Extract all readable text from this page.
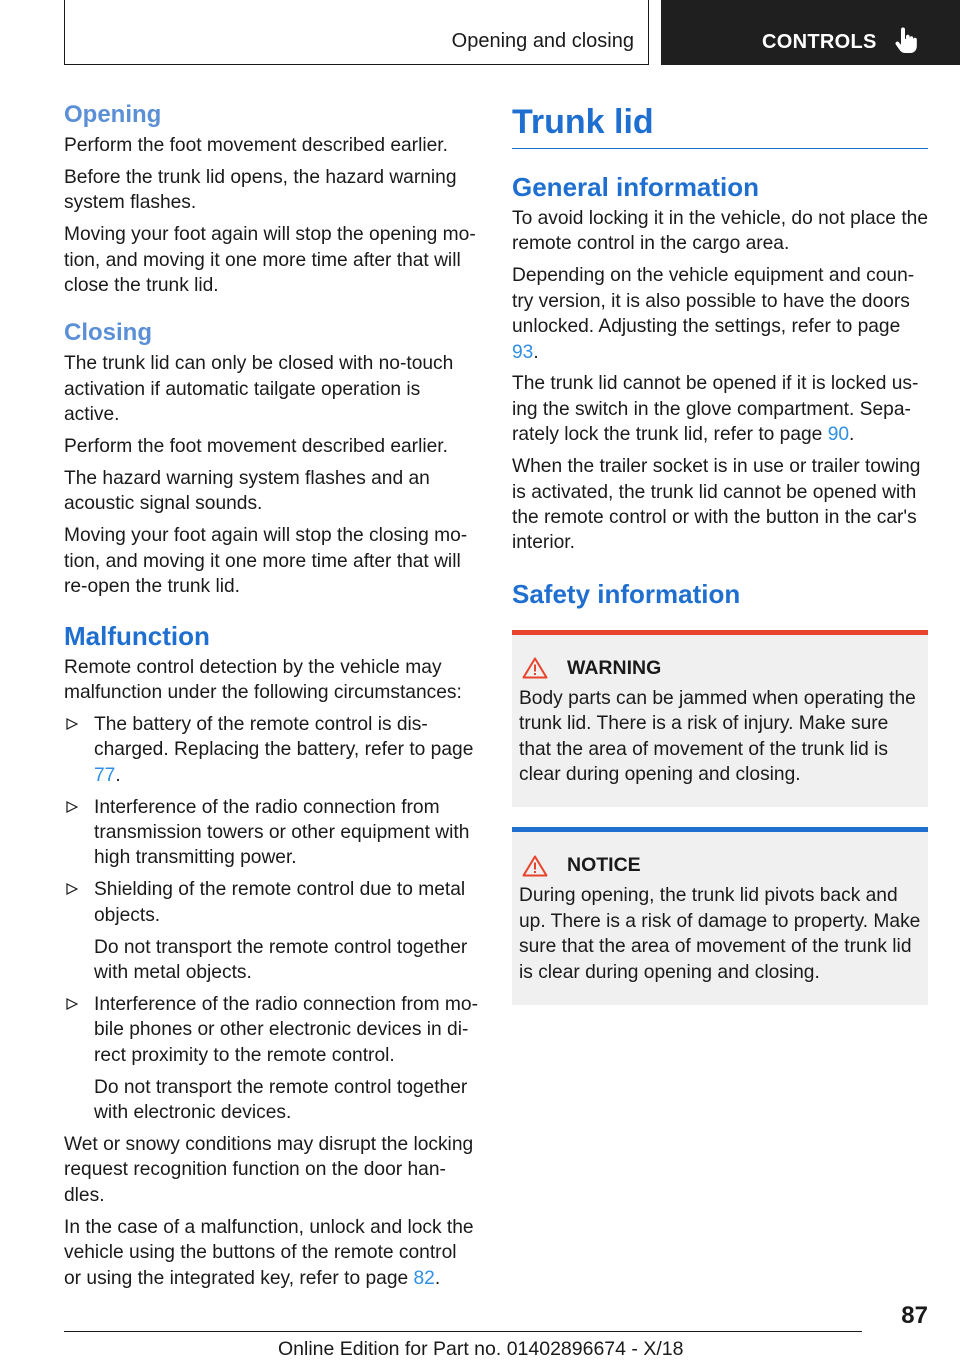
Opening and closing	CONTROLS
Opening

Perform the foot movement described earlier.

Before the trunk lid opens, the hazard warning system flashes.

Moving your foot again will stop the opening motion, and moving it one more time after that will close the trunk lid.

Closing

The trunk lid can only be closed with no-touch activation if automatic tailgate operation is active.

Perform the foot movement described earlier.

The hazard warning system flashes and an acoustic signal sounds.

Moving your foot again will stop the closing motion, and moving it one more time after that will re-open the trunk lid.

Malfunction

Remote control detection by the vehicle may malfunction under the following circumstances:

The battery of the remote control is discharged. Replacing the battery, refer to page 77.

Interference of the radio connection from transmission towers or other equipment with high transmitting power.

Shielding of the remote control due to metal objects.

Do not transport the remote control together with metal objects.

Interference of the radio connection from mobile phones or other electronic devices in direct proximity to the remote control.

Do not transport the remote control together with electronic devices.

Wet or snowy conditions may disrupt the locking request recognition function on the door handles.

In the case of a malfunction, unlock and lock the vehicle using the buttons of the remote control or using the integrated key, refer to page 82.

Trunk lid
General information

To avoid locking it in the vehicle, do not place the remote control in the cargo area.

Depending on the vehicle equipment and country version, it is also possible to have the doors unlocked. Adjusting the settings, refer to page 93.

The trunk lid cannot be opened if it is locked using the switch in the glove compartment. Separately lock the trunk lid, refer to page 90.

When the trailer socket is in use or trailer towing is activated, the trunk lid cannot be opened with the remote control or with the button in the car's interior.

Safety information
WARNING

Body parts can be jammed when operating the trunk lid. There is a risk of injury. Make sure that the area of movement of the trunk lid is clear during opening and closing.

NOTICE

During opening, the trunk lid pivots back and up. There is a risk of damage to property. Make sure that the area of movement of the trunk lid is clear during opening and closing.

87
Online Edition for Part no. 01402896674 - X/18
